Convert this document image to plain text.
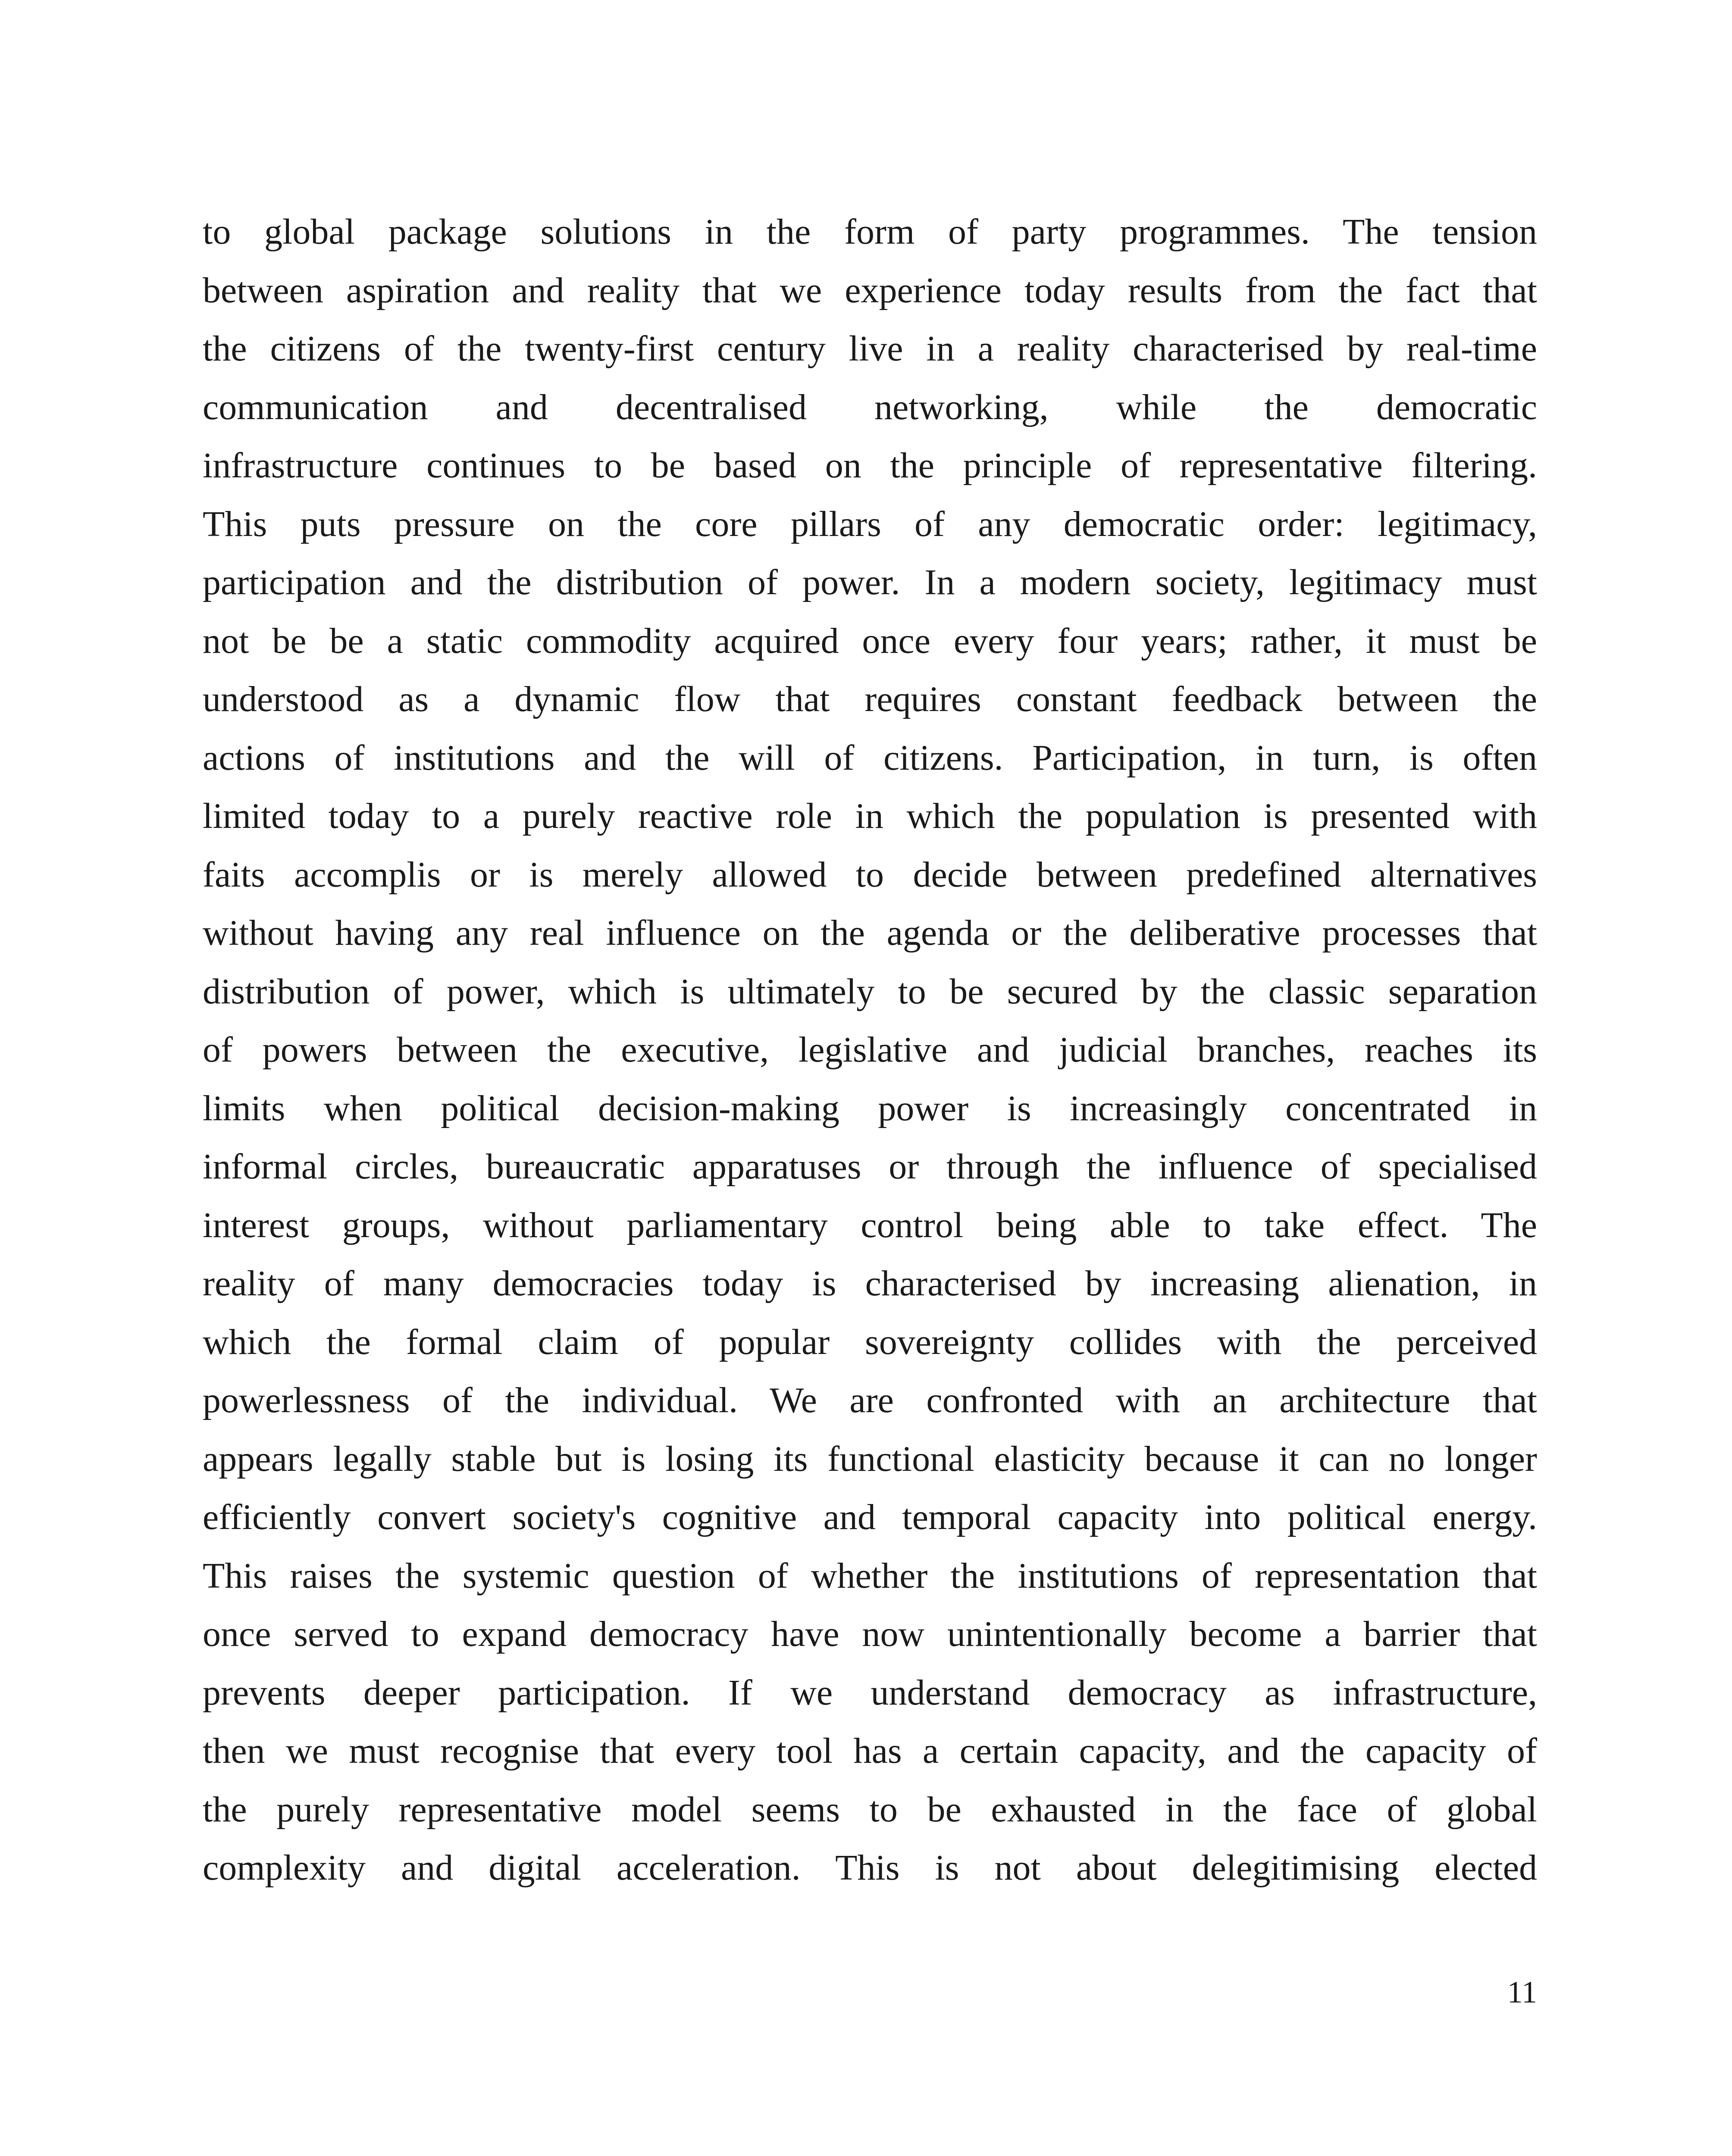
to global package solutions in the form of party programmes. The tension
between aspiration and reality that we experience today results from the fact that
the citizens of the twenty-first century live in a reality characterised by real-time
communication and decentralised networking, while the democratic
infrastructure continues to be based on the principle of representative filtering.
This puts pressure on the core pillars of any democratic order: legitimacy,
participation and the distribution of power. In a modern society, legitimacy must
not be be a static commodity acquired once every four years; rather, it must be
understood as a dynamic flow that requires constant feedback between the
actions of institutions and the will of citizens. Participation, in turn, is often
limited today to a purely reactive role in which the population is presented with
faits accomplis or is merely allowed to decide between predefined alternatives
without having any real influence on the agenda or the deliberative processes that
distribution of power, which is ultimately to be secured by the classic separation
of powers between the executive, legislative and judicial branches, reaches its
limits when political decision-making power is increasingly concentrated in
informal circles, bureaucratic apparatuses or through the influence of specialised
interest groups, without parliamentary control being able to take effect. The
reality of many democracies today is characterised by increasing alienation, in
which the formal claim of popular sovereignty collides with the perceived
powerlessness of the individual. We are confronted with an architecture that
appears legally stable but is losing its functional elasticity because it can no longer
efficiently convert society's cognitive and temporal capacity into political energy.
This raises the systemic question of whether the institutions of representation that
once served to expand democracy have now unintentionally become a barrier that
prevents deeper participation. If we understand democracy as infrastructure,
then we must recognise that every tool has a certain capacity, and the capacity of
the purely representative model seems to be exhausted in the face of global
complexity and digital acceleration. This is not about delegitimising elected
11
